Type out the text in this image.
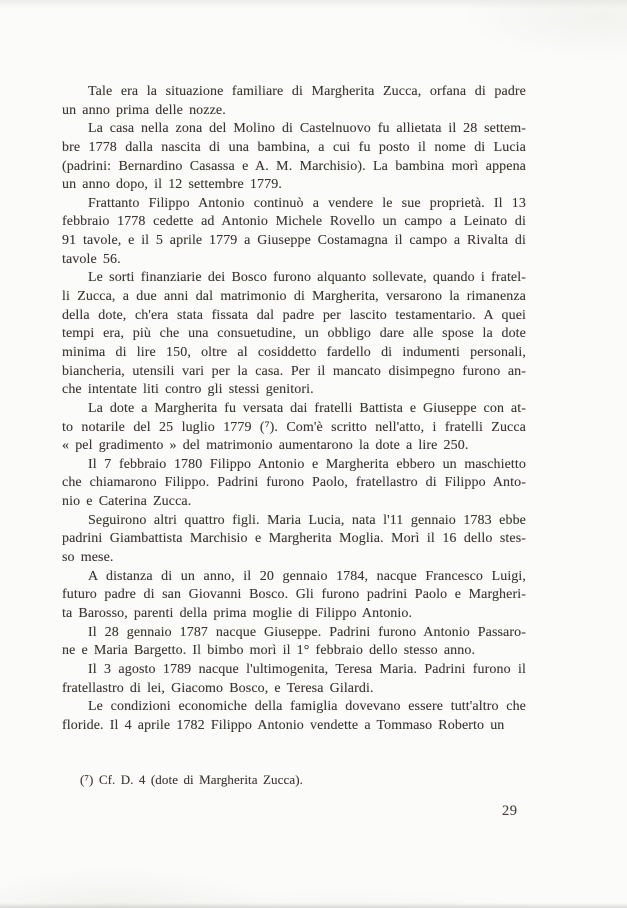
Tale era la situazione familiare di Margherita Zucca, orfana di padre
un anno prima delle nozze.
La casa nella zona del Molino di Castelnuovo fu allietata il 28 settem-
bre 1778 dalla nascita di una bambina, a cui fu posto il nome di Lucia
(padrini: Bernardino Casassa e A. M. Marchisio). La bambina morì appena
un anno dopo, il 12 settembre 1779.
Frattanto Filippo Antonio continuò a vendere le sue proprietà. Il 13
febbraio 1778 cedette ad Antonio Michele Rovello un campo a Leinato di
91 tavole, e il 5 aprile 1779 a Giuseppe Costamagna il campo a Rivalta di
tavole 56.
Le sorti finanziarie dei Bosco furono alquanto sollevate, quando i fratel-
li Zucca, a due anni dal matrimonio di Margherita, versarono la rimanenza
della dote, ch'era stata fissata dal padre per lascito testamentario. A quei
tempi era, più che una consuetudine, un obbligo dare alle spose la dote
minima di lire 150, oltre al cosiddetto fardello di indumenti personali,
biancheria, utensili vari per la casa. Per il mancato disimpegno furono an-
che intentate liti contro gli stessi genitori.
La dote a Margherita fu versata dai fratelli Battista e Giuseppe con at-
to notarile del 25 luglio 1779 (⁷). Com'è scritto nell'atto, i fratelli Zucca
« pel gradimento » del matrimonio aumentarono la dote a lire 250.
Il 7 febbraio 1780 Filippo Antonio e Margherita ebbero un maschietto
che chiamarono Filippo. Padrini furono Paolo, fratellastro di Filippo Anto-
nio e Caterina Zucca.
Seguirono altri quattro figli. Maria Lucia, nata l'11 gennaio 1783 ebbe
padrini Giambattista Marchisio e Margherita Moglia. Morì il 16 dello stes-
so mese.
A distanza di un anno, il 20 gennaio 1784, nacque Francesco Luigi,
futuro padre di san Giovanni Bosco. Gli furono padrini Paolo e Margheri-
ta Barosso, parenti della prima moglie di Filippo Antonio.
Il 28 gennaio 1787 nacque Giuseppe. Padrini furono Antonio Passaro-
ne e Maria Bargetto. Il bimbo morì il 1° febbraio dello stesso anno.
Il 3 agosto 1789 nacque l'ultimogenita, Teresa Maria. Padrini furono il
fratellastro di lei, Giacomo Bosco, e Teresa Gilardi.
Le condizioni economiche della famiglia dovevano essere tutt'altro che
floride. Il 4 aprile 1782 Filippo Antonio vendette a Tommaso Roberto un
(⁷) Cf. D. 4 (dote di Margherita Zucca).
29
